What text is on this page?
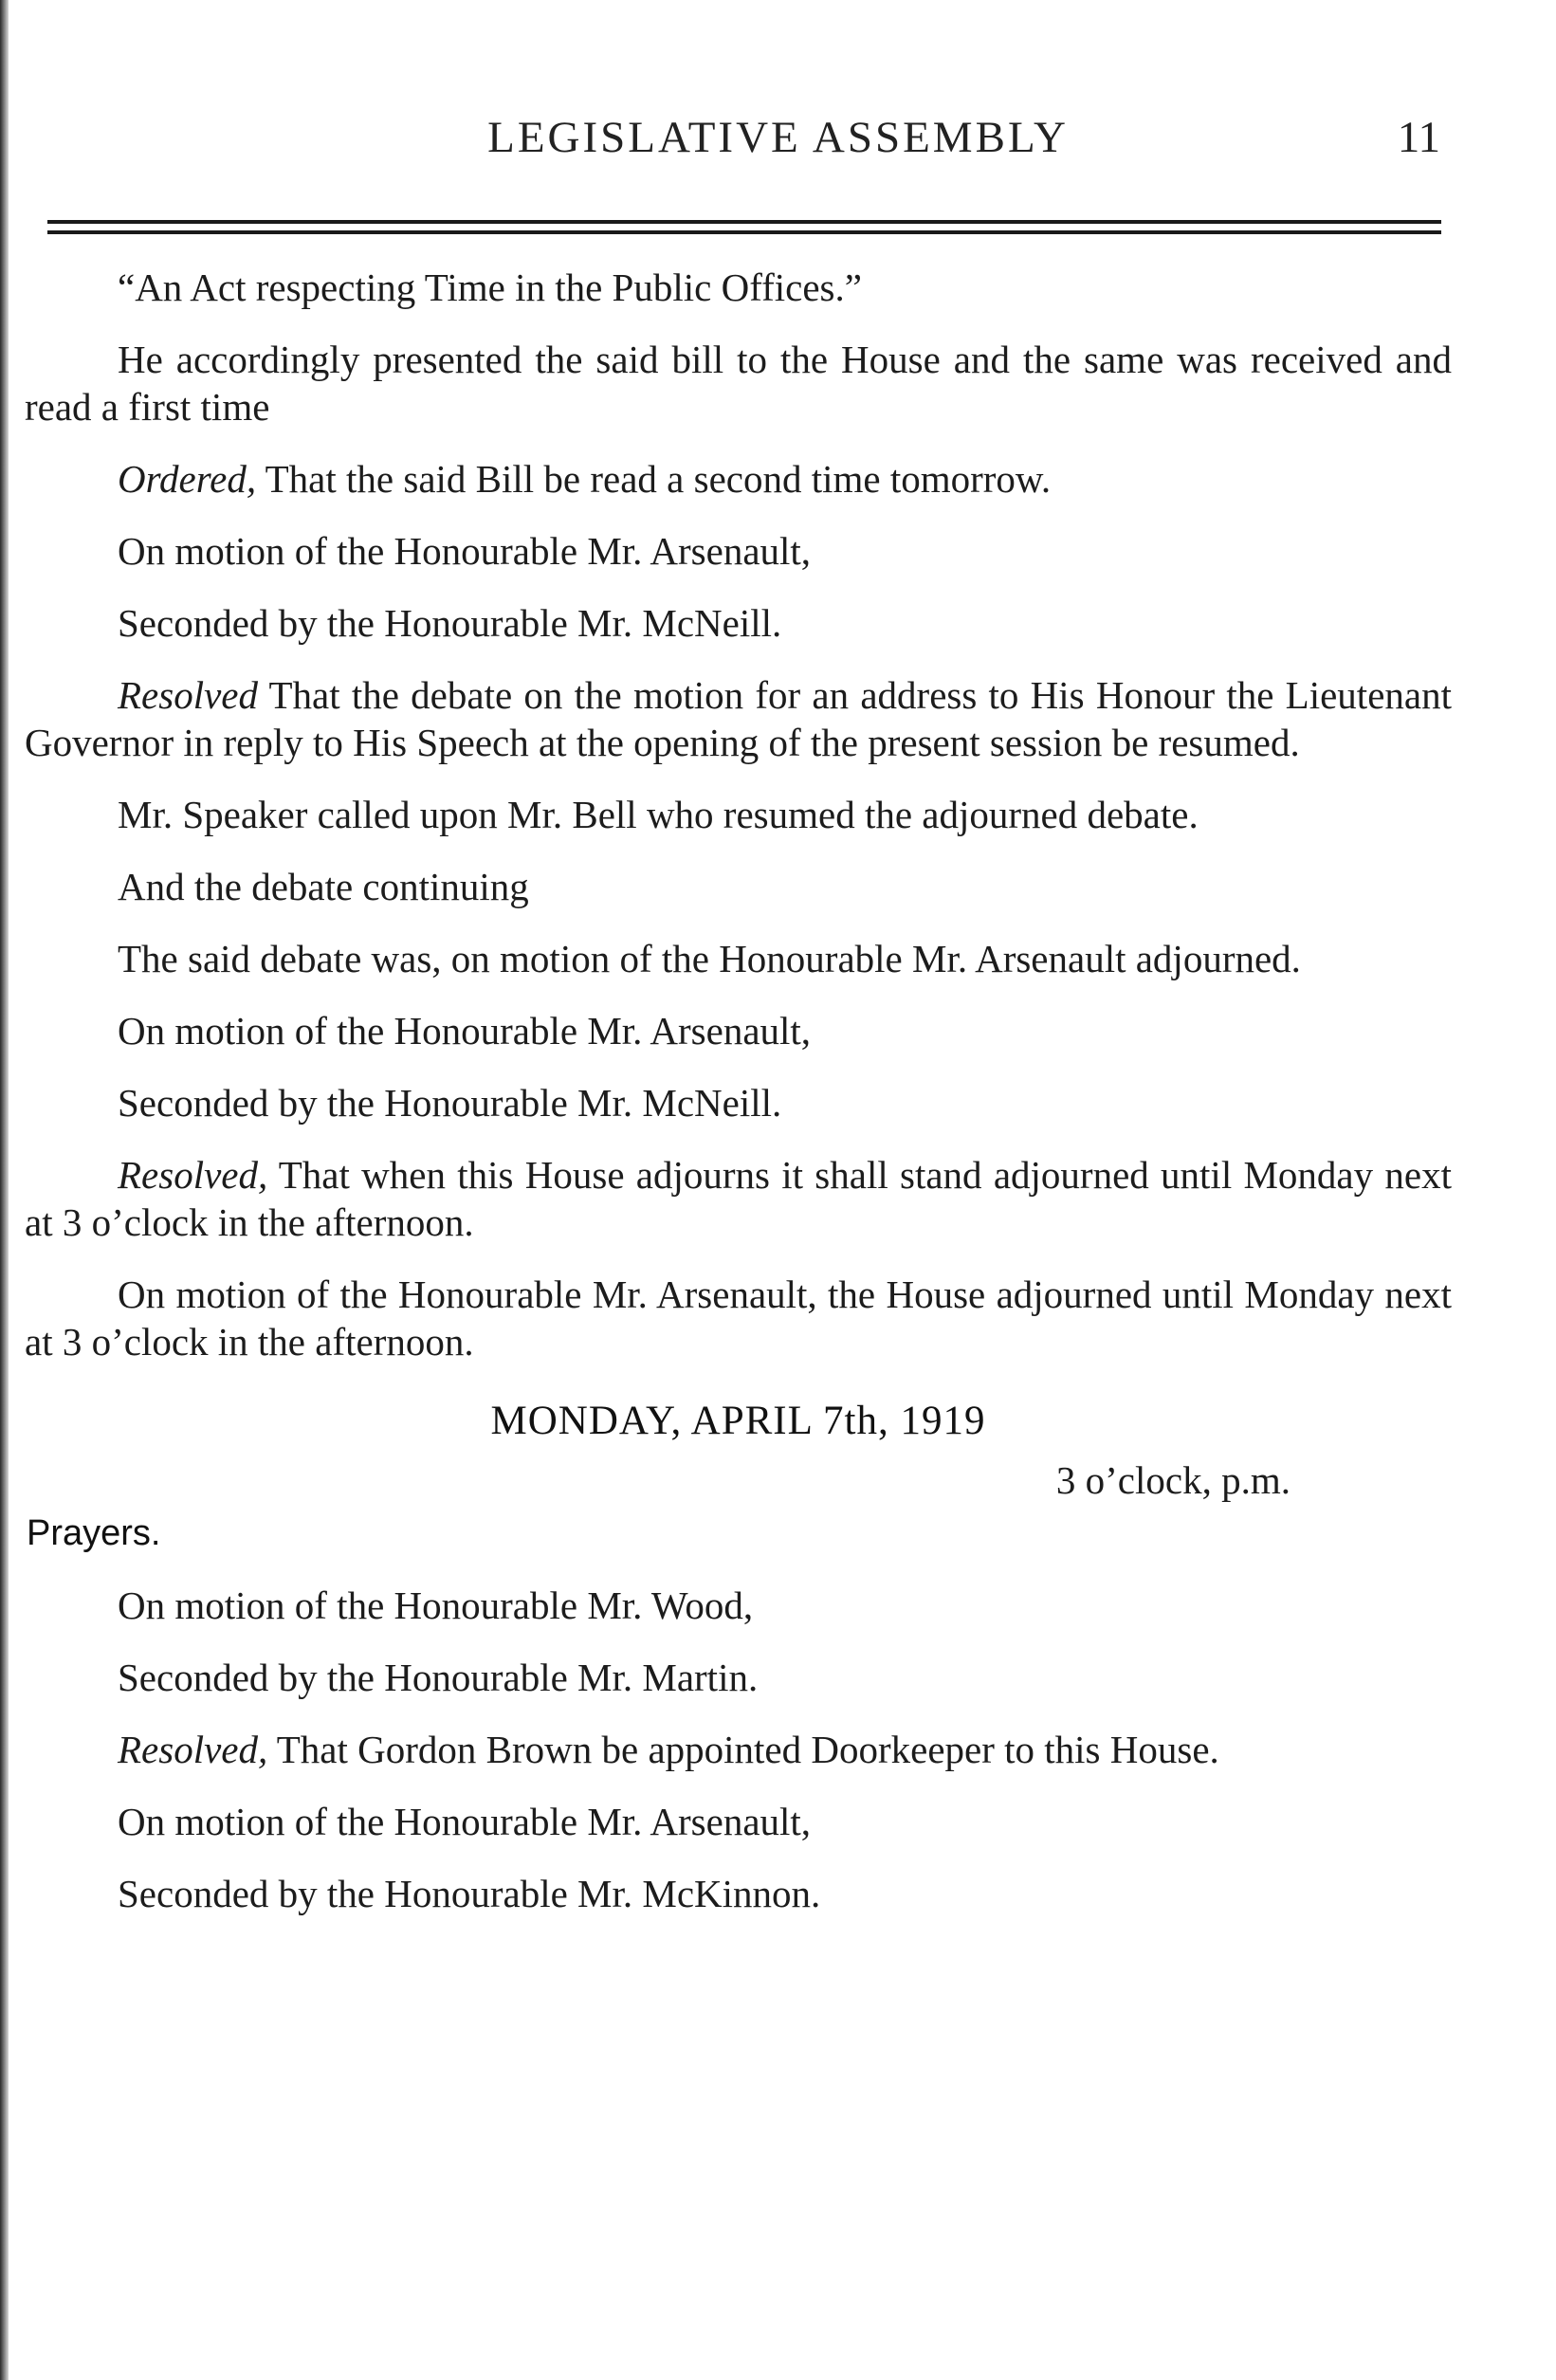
LEGISLATIVE ASSEMBLY	11

“An Act respecting Time in the Public Offices.”

He accordingly presented the said bill to the House and the same was received and read a first time

Ordered, That the said Bill be read a second time tomorrow.

On motion of the Honourable Mr. Arsenault,

Seconded by the Honourable Mr. McNeill.

Resolved That the debate on the motion for an address to His Honour the Lieutenant Governor in reply to His Speech at the opening of the present session be resumed.

Mr. Speaker called upon Mr. Bell who resumed the adjourned debate.

And the debate continuing

The said debate was, on motion of the Honourable Mr. Arsenault adjourned.

On motion of the Honourable Mr. Arsenault,

Seconded by the Honourable Mr. McNeill.

Resolved, That when this House adjourns it shall stand adjourned until Monday next at 3 o’clock in the afternoon.

On motion of the Honourable Mr. Arsenault, the House adjourned until Monday next at 3 o’clock in the afternoon.

MONDAY, APRIL 7th, 1919

3 o’clock, p.m.

Prayers.

On motion of the Honourable Mr. Wood,

Seconded by the Honourable Mr. Martin.

Resolved, That Gordon Brown be appointed Doorkeeper to this House.

On motion of the Honourable Mr. Arsenault,

Seconded by the Honourable Mr. McKinnon.
